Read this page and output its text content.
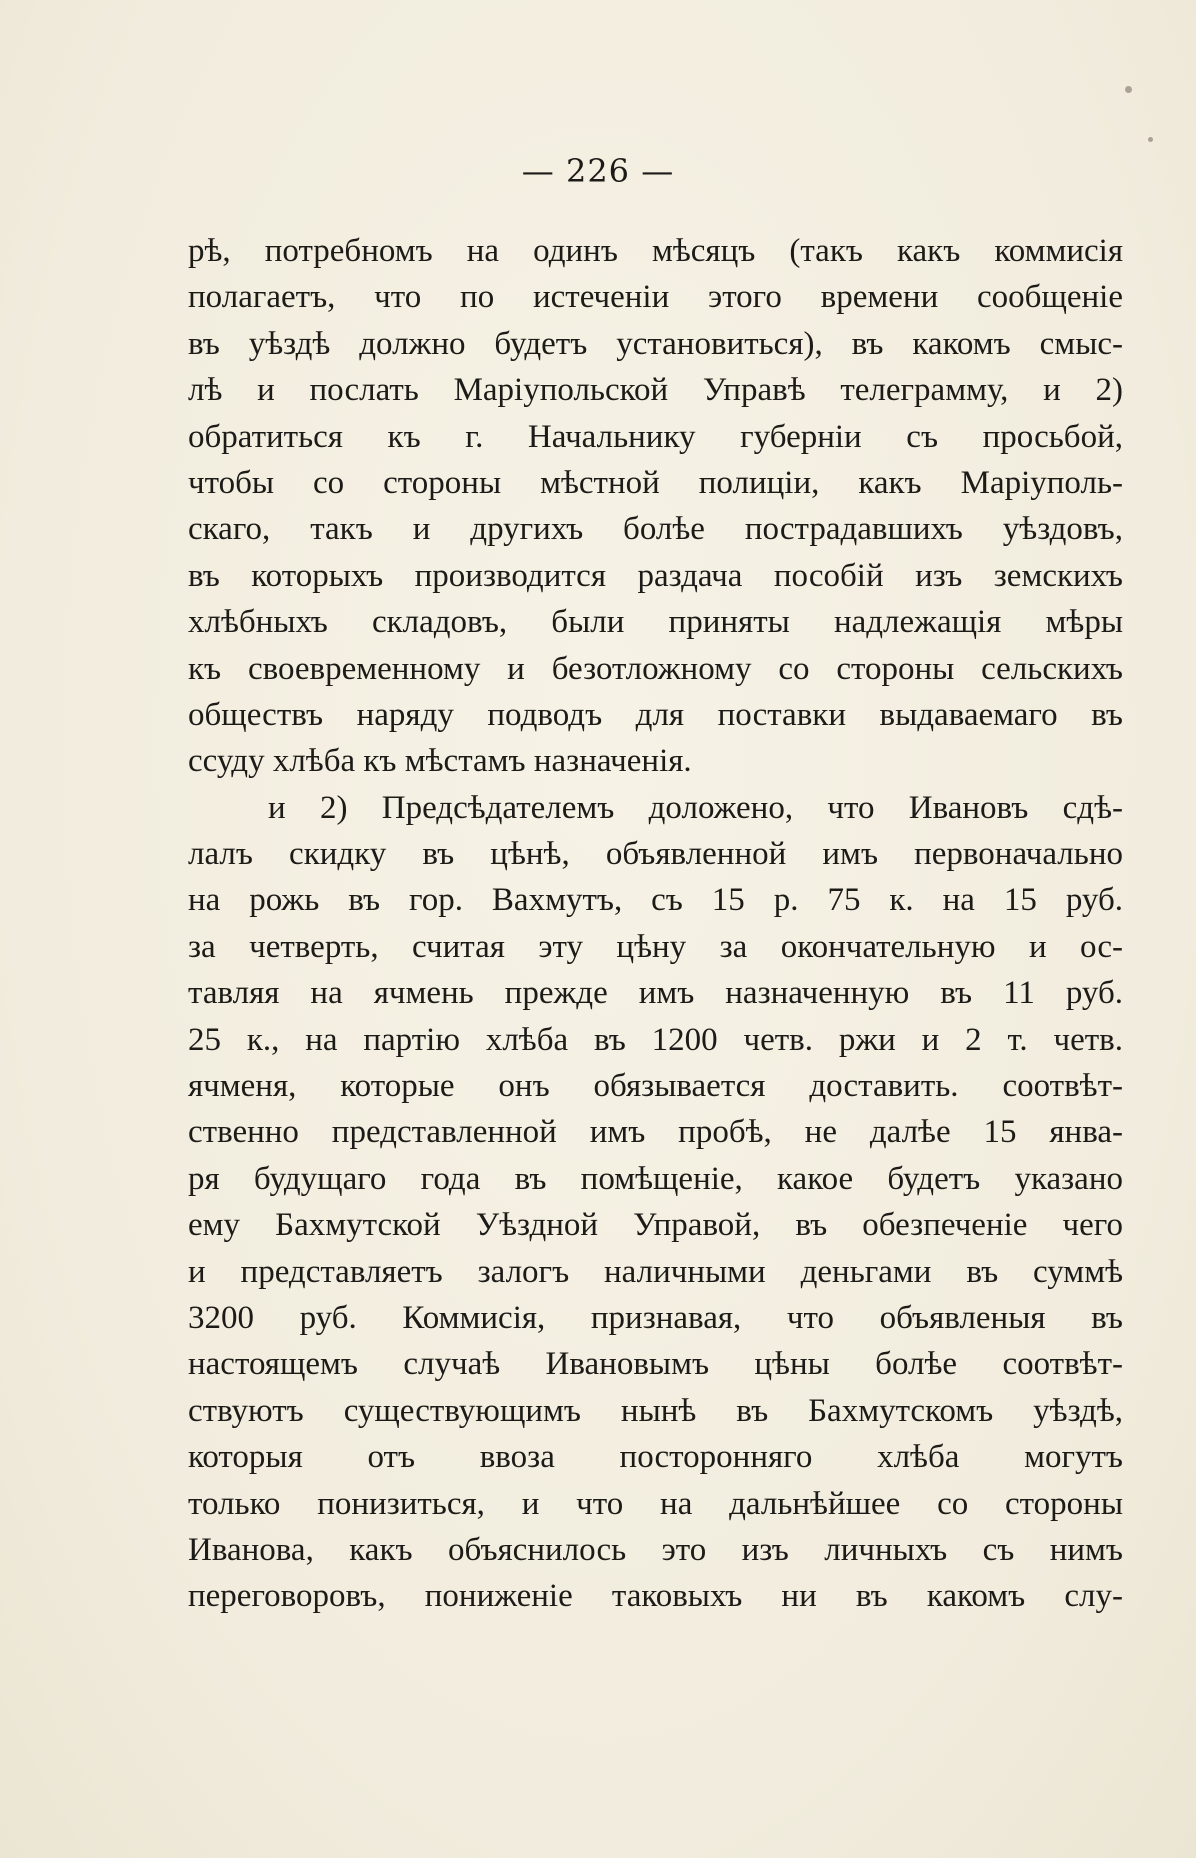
— 226 —
рѣ, потребномъ на одинъ мѣсяцъ (такъ какъ коммисія
полагаетъ, что по истеченіи этого времени сообщеніе
въ уѣздѣ должно будетъ установиться), въ какомъ смыс-
лѣ и послать Маріупольской Управѣ телеграмму, и 2)
обратиться къ г. Начальнику губерніи съ просьбой,
чтобы со стороны мѣстной полиціи, какъ Маріуполь-
скаго, такъ и другихъ болѣе пострадавшихъ уѣздовъ,
въ которыхъ производится раздача пособій изъ земскихъ
хлѣбныхъ складовъ, были приняты надлежащія мѣры
къ своевременному и безотложному со стороны сельскихъ
обществъ наряду подводъ для поставки выдаваемаго въ
ссуду хлѣба къ мѣстамъ назначенія.
и 2) Предсѣдателемъ доложено, что Ивановъ сдѣ-
лалъ скидку въ цѣнѣ, объявленной имъ первоначально
на рожь въ гор. Вахмутъ, съ 15 р. 75 к. на 15 руб.
за четверть, считая эту цѣну за окончательную и ос-
тавляя на ячмень прежде имъ назначенную въ 11 руб.
25 к., на партію хлѣба въ 1200 четв. ржи и 2 т. четв.
ячменя, которые онъ обязывается доставить. соотвѣт-
ственно представленной имъ пробѣ, не далѣе 15 янва-
ря будущаго года въ помѣщеніе, какое будетъ указано
ему Бахмутской Уѣздной Управой, въ обезпеченіе чего
и представляетъ залогъ наличными деньгами въ суммѣ
3200 руб. Коммисія, признавая, что объявленыя въ
настоящемъ случаѣ Ивановымъ цѣны болѣе соотвѣт-
ствуютъ существующимъ нынѣ въ Бахмутскомъ уѣздѣ,
которыя отъ ввоза посторонняго хлѣба могутъ
только понизиться, и что на дальнѣйшее со стороны
Иванова, какъ объяснилось это изъ личныхъ съ нимъ
переговоровъ, пониженіе таковыхъ ни въ какомъ слу-
